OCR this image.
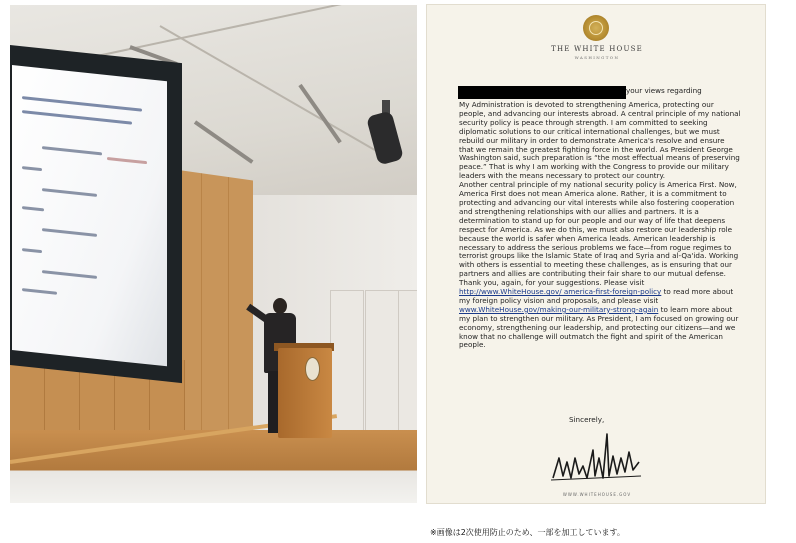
THE WHITE HOUSE
WASHINGTON
your views regarding
My Administration is devoted to strengthening America, protecting our people, and advancing our interests abroad. A central principle of my national security policy is peace through strength. I am committed to seeking diplomatic solutions to our critical international challenges, but we must rebuild our military in order to demonstrate America's resolve and ensure that we remain the greatest fighting force in the world. As President George Washington said, such preparation is “the most effectual means of preserving peace.” That is why I am working with the Congress to provide our military leaders with the means necessary to protect our country.
Another central principle of my national security policy is America First. Now, America First does not mean America alone. Rather, it is a commitment to protecting and advancing our vital interests while also fostering cooperation and strengthening relationships with our allies and partners. It is a determination to stand up for our people and our way of life that deepens respect for America. As we do this, we must also restore our leadership role because the world is safer when America leads. American leadership is necessary to address the serious problems we face—from rogue regimes to terrorist groups like the Islamic State of Iraq and Syria and al-Qa'ida. Working with others is essential to meeting these challenges, as is ensuring that our partners and allies are contributing their fair share to our mutual defense.
Thank you, again, for your suggestions. Please visit
http://www.WhiteHouse.gov/ america-first-foreign-policy to read more about my foreign policy vision and proposals, and please visit
www.WhiteHouse.gov/making-our-military-strong-again to learn more about my plan to strengthen our military. As President, I am focused on growing our economy, strengthening our leadership, and protecting our citizens—and we know that no challenge will outmatch the fight and spirit of the American people.
Sincerely,
WWW.WHITEHOUSE.GOV
※画像は2次使用防止のため、一部を加工しています。
